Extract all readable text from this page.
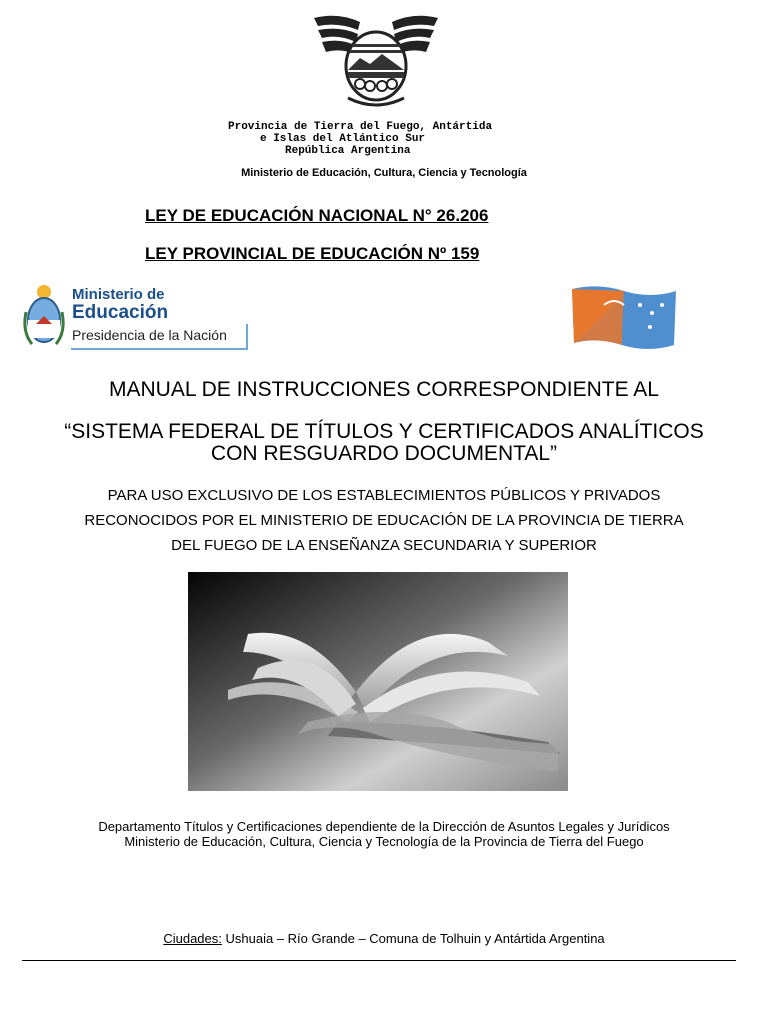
Provincia de Tierra del Fuego, Antártida
e Islas del Atlántico Sur
República Argentina
Ministerio de Educación, Cultura, Ciencia y Tecnología
LEY DE EDUCACIÓN NACIONAL N° 26.206
LEY PROVINCIAL DE EDUCACIÓN Nº 159
Ministerio de
Educación
Presidencia de la Nación
MANUAL DE INSTRUCCIONES CORRESPONDIENTE AL
“SISTEMA FEDERAL DE TÍTULOS Y CERTIFICADOS ANALÍTICOS
CON RESGUARDO DOCUMENTAL”
PARA USO EXCLUSIVO DE LOS ESTABLECIMIENTOS PÚBLICOS Y PRIVADOS
RECONOCIDOS POR EL MINISTERIO DE EDUCACIÓN DE LA PROVINCIA DE TIERRA
DEL FUEGO DE LA ENSEÑANZA SECUNDARIA Y SUPERIOR
Departamento Títulos y Certificaciones dependiente de la Dirección de Asuntos Legales y Jurídicos
Ministerio de Educación, Cultura, Ciencia y Tecnología de la Provincia de Tierra del Fuego
Ciudades: Ushuaia – Río Grande – Comuna de Tolhuin y Antártida Argentina
